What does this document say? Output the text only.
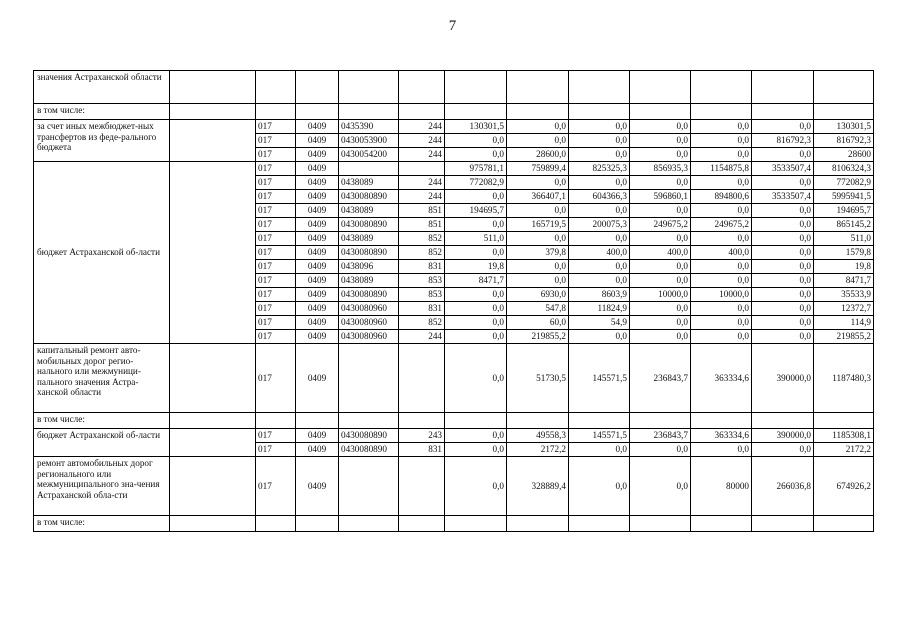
7
значения Астраханской области												
в том числе:												
за счет иных межбюджет-ных трансфертов из феде-рального бюджета		017	0409	0435390	244	130301,5	0,0	0,0	0,0	0,0	0,0	130301,5
		017	0409	0430053900	244	0,0	0,0	0,0	0,0	0,0	816792,3	816792,3
		017	0409	0430054200	244	0,0	28600,0	0,0	0,0	0,0	0,0	28600
бюджет Астраханской об-ласти		017	0409			975781,1	759899,4	825325,3	856935,3	1154875,8	3533507,4	8106324,3
		017	0409	0438089	244	772082,9	0,0	0,0	0,0	0,0	0,0	772082,9
		017	0409	0430080890	244	0,0	366407,1	604366,3	596860,1	894800,6	3533507,4	5995941,5
		017	0409	0438089	851	194695,7	0,0	0,0	0,0	0,0	0,0	194695,7
		017	0409	0430080890	851	0,0	165719,5	200075,3	249675,2	249675,2	0,0	865145,2
		017	0409	0438089	852	511,0	0,0	0,0	0,0	0,0	0,0	511,0
		017	0409	0430080890	852	0,0	379,8	400,0	400,0	400,0	0,0	1579,8
		017	0409	0438096	831	19,8	0,0	0,0	0,0	0,0	0,0	19,8
		017	0409	0438089	853	8471,7	0,0	0,0	0,0	0,0	0,0	8471,7
		017	0409	0430080890	853	0,0	6930,0	8603,9	10000,0	10000,0	0,0	35533,9
		017	0409	0430080960	831	0,0	547,8	11824,9	0,0	0,0	0,0	12372,7
		017	0409	0430080960	852	0,0	60,0	54,9	0,0	0,0	0,0	114,9
		017	0409	0430080960	244	0,0	219855,2	0,0	0,0	0,0	0,0	219855,2
капитальный ремонт авто-мобильных дорог регио-нального или межмуници-пального значения Астра-ханской области		017	0409			0,0	51730,5	145571,5	236843,7	363334,6	390000,0	1187480,3
в том числе:												
бюджет Астраханской об-ласти		017	0409	0430080890	243	0,0	49558,3	145571,5	236843,7	363334,6	390000,0	1185308,1
		017	0409	0430080890	831	0,0	2172,2	0,0	0,0	0,0	0,0	2172,2
ремонт автомобильных дорог регионального или межмуниципального зна-чения Астраханской обла-сти		017	0409			0,0	328889,4	0,0	0,0	80000	266036,8	674926,2
в том числе:												
